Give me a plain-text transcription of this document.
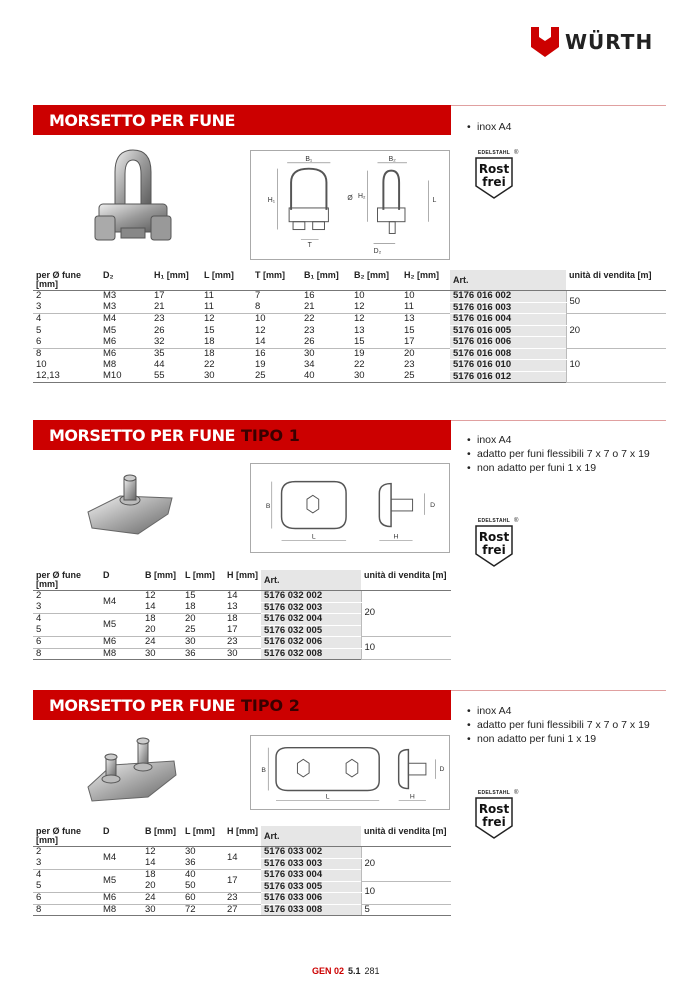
WÜRTH
MORSETTO PER FUNE	• inox A4
B₁
H₁	Ø
T
B₂
H₂
D₂
L
EDELSTAHL
Rost
frei
®
per Ø fune [mm]	D₂	H₁ [mm]	L [mm]	T [mm]	B₁ [mm]	B₂ [mm]	H₂ [mm]	Art.	unità di vendita [m]
2	M3	17	11	7	16	10	10	5176 016 002	50
3	M3	21	11	8	21	12	11	5176 016 003	
4	M4	23	12	10	22	12	13	5176 016 004	20
5	M5	26	15	12	23	13	15	5176 016 005	
6	M6	32	18	14	26	15	17	5176 016 006	
8	M6	35	18	16	30	19	20	5176 016 008	10
10	M8	44	22	19	34	22	23	5176 016 010	
12,13	M10	55	30	25	40	30	25	5176 016 012	
MORSETTO PER FUNE TIPO 1	• inox A4
• adatto per funi flessibili 7 x 7 o 7 x 19
• non adatto per funi 1 x 19
B
L
D
H
EDELSTAHL
Rost
frei
®
per Ø fune [mm]	D	B [mm]	L [mm]	H [mm]	Art.	unità di vendita [m]
2	M4	12	15	14	5176 032 002	20
3		14	18	13	5176 032 003	
4	M5	18	20	18	5176 032 004	
5		20	25	17	5176 032 005	
6	M6	24	30	23	5176 032 006	10
8	M8	30	36	30	5176 032 008	
MORSETTO PER FUNE TIPO 2	• inox A4
• adatto per funi flessibili 7 x 7 o 7 x 19
• non adatto per funi 1 x 19
B
L
D
H
EDELSTAHL
Rost
frei
®
per Ø fune [mm]	D	B [mm]	L [mm]	H [mm]	Art.	unità di vendita [m]
2	M4	12	30	14	5176 033 002	20
3		14	36		5176 033 003	
4	M5	18	40	17	5176 033 004	
5		20	50		5176 033 005	10
6	M6	24	60	23	5176 033 006	
8	M8	30	72	27	5176 033 008	5
GEN 02 5.1 281
